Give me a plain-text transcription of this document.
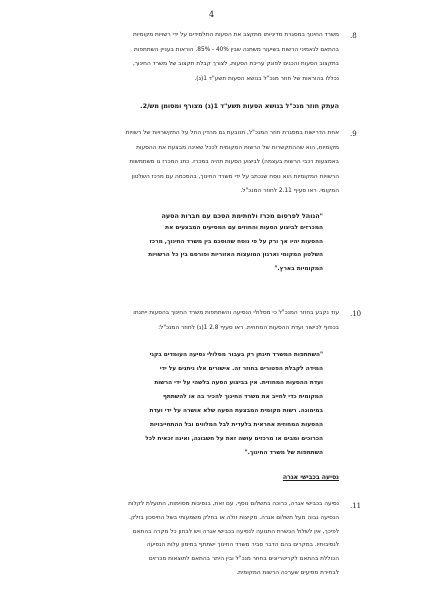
4
.8
משרד החינוך במסגרת מדיניותו מתקצב את הסעות התלמידים על ידי רשויות מקומיות
בהתאם לנאמיני הרשות בשיעור משתנה שבין 40% - 85%. הוראות בעניין השתתפות
בתקצוב הסעות והכנים לפונק עריכת הסעות, לצורך קבלת תקצוב של משרד החינוך,
נכללו בהוראות של חוזר מנכ"ל בנושא הסעות תשע"ד 1(ג).
העתק חוזר מנכ"ל בנושא הסעות תשע"ד 1(ג) מצורף ומסומן מש/2.
.9
אחת הדרישות במסגרת חוזר המנכ"ל, תנובעת גם מהדין החל על התקשרויות של רשויות
מקומיות, הוא שההתקשרות של הרשות המקומית לככל שאינה מבצעת את ההסעות
באמצעות רכבי הרשות בעצמה) לביצוע הסעות תהיה במכרז. כתנ המכרז גו משתמשות
הרשויות המקומיות הוא נוסח שנכתב על ידי משרד החינוך, בהסכמה עם מרכז השלטון
המקומי. ראו סעיף 2.11 לחוזר המנכ"ל.
"הנוהל לפרסום מכרז ולחתימת הסכם עם חברות הסעה
המכרזים לביצוע הסעות והחוזים עם המסיעים המבצעים את
ההסעות יהיו אך ורק על פי נוסח שהוסכם בין משרד החינוך, מרכז
השלטון המקומי וארגון המועצות האזוריות ופורסם בין כל הרשויות
המקומיות בארץ."
.10
עוד נקבע בחוזר המנכ"ל כי מסלולי הנסיעה והשתתפות משרד החינוך בהסעות ייתנתו
בכפוף לכישור ועדת ההסעות המחוזית. ראו סעיף 2.8 1(ג) לחוזר המנכ"ל:
"השתתפות המשרד תינתן רק בעבור מסלולי נסיעה העומדים בקני
המידה לקבלת הפטורים בחוזר זה. אישורים אלו ניתנים על ידי
ועדת ההסעות המחוזית. אין בביצוע הסעה בלשהי על ידי הרשות
המקומית כדי לחייב את משרד החינוך להכיר בה או להשתתף
במימונה. רשות מקומית המבצעת הסעה שלא אושרה על ידי ועדת
ההסעות המחוזית אחראית בלעדית לבל המלווים ובל ההתחייבויות
הכרוכים ומבים או מרכזים עושה זאת על חשבונה, ואינה זכאית לכל
השתתפות של משרד החינוך."
נסיעה בכבישי אגרה
.11
נסיעה בכבישי אגרה, כרוכה בתשלום נוסף, עם זאת, בנסיבות מסוימות, התועלת לקלות
הנסיעה גבוה מעל תשלום אגרה. מקיצות זולה או בחלק משמעותי בשל החיסכון בזלק.
לפיכך, אין לשלול הכשרת התנועה לנסיעה בכבישי אגרה ויש לבחון כל מקרה בהתאם
לנסיבותיו. במקרים בהם הדבר סביר משרד החינוך ישתתף במימון עלות הנסיעה
הכוללת בהתאם לקריטריונים בחוזר מנכ"ל ובין היתר בהתאם לתוצאות מכרזים
לבחירת מסיעים שערכה הרשות המקומית.
